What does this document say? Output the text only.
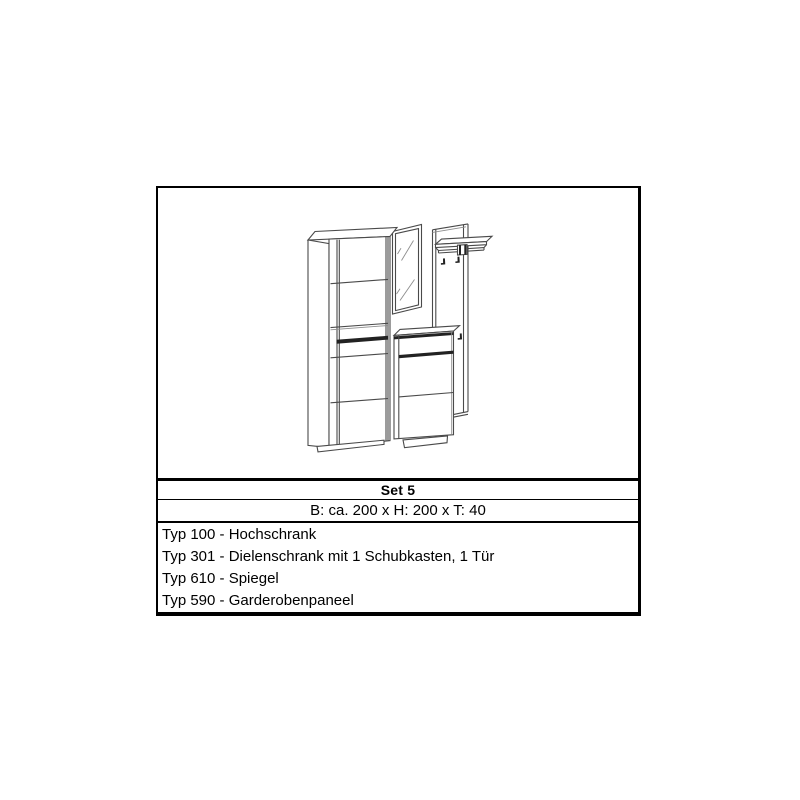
Set 5
B: ca. 200 x H: 200 x T: 40
Typ 100 - Hochschrank
Typ 301 - Dielenschrank mit 1 Schubkasten, 1 Tür
Typ 610 - Spiegel
Typ 590 - Garderobenpaneel
